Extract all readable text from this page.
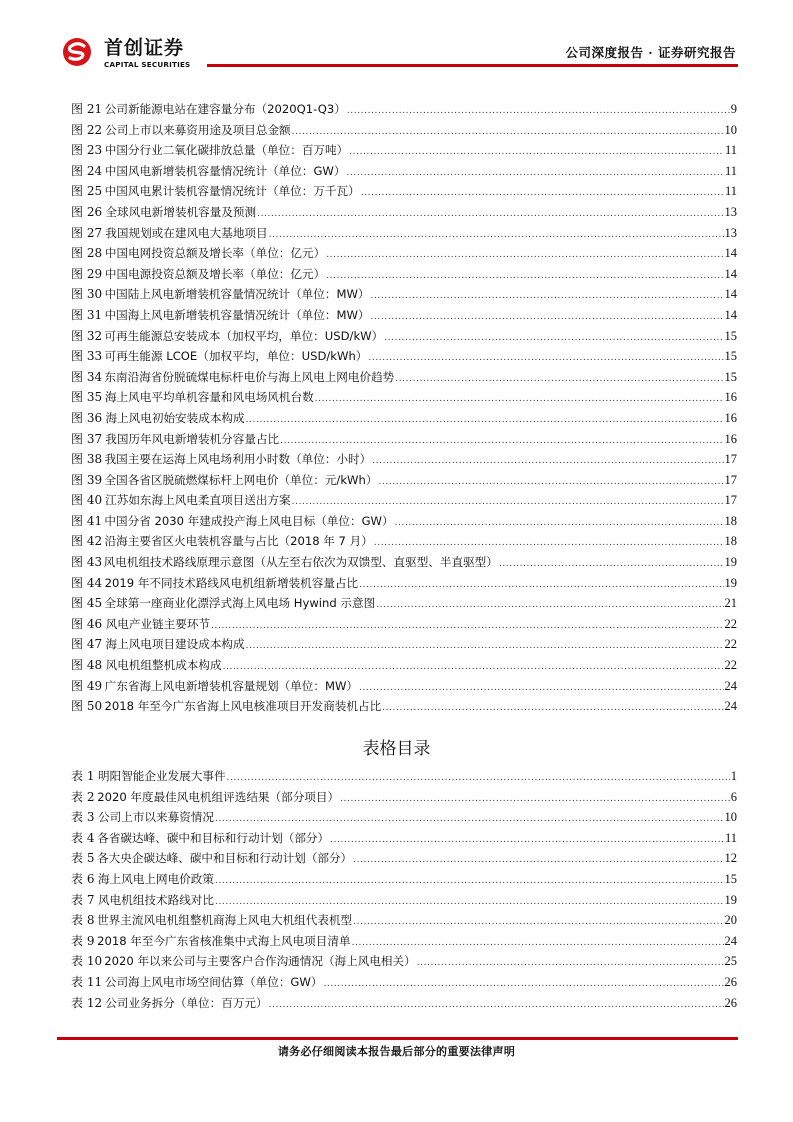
首创证券
CAPITAL SECURITIES
公司深度报告 · 证券研究报告
图 21 公司新能源电站在建容量分布（2020Q1-Q3） .....	9
图 22 公司上市以来募资用途及项目总金额 .....	10
图 23 中国分行业二氧化碳排放总量（单位：百万吨） .....	11
图 24 中国风电新增装机容量情况统计（单位：GW） .....	11
图 25 中国风电累计装机容量情况统计（单位：万千瓦） .....	11
图 26 全球风电新增装机容量及预测 .....	13
图 27 我国规划或在建风电大基地项目 .....	13
图 28 中国电网投资总额及增长率（单位：亿元） .....	14
图 29 中国电源投资总额及增长率（单位：亿元） .....	14
图 30 中国陆上风电新增装机容量情况统计（单位：MW） .....	14
图 31 中国海上风电新增装机容量情况统计（单位：MW） .....	14
图 32 可再生能源总安装成本（加权平均，单位：USD/kW） .....	15
图 33 可再生能源 LCOE（加权平均，单位：USD/kWh） .....	15
图 34 东南沿海省份脱硫煤电标杆电价与海上风电上网电价趋势 .....	15
图 35 海上风电平均单机容量和风电场风机台数 .....	16
图 36 海上风电初始安装成本构成 .....	16
图 37 我国历年风电新增装机分容量占比 .....	16
图 38 我国主要在运海上风电场利用小时数（单位：小时） .....	17
图 39 全国各省区脱硫燃煤标杆上网电价（单位：元/kWh） .....	17
图 40 江苏如东海上风电柔直项目送出方案 .....	17
图 41 中国分省 2030 年建成投产海上风电目标（单位：GW） .....	18
图 42 沿海主要省区火电装机容量与占比（2018 年 7 月） .....	18
图 43 风电机组技术路线原理示意图（从左至右依次为双馈型、直驱型、半直驱型） .....	19
图 44 2019 年不同技术路线风电机组新增装机容量占比 .....	19
图 45 全球第一座商业化漂浮式海上风电场 Hywind 示意图 .....	21
图 46 风电产业链主要环节 .....	22
图 47 海上风电项目建设成本构成 .....	22
图 48 风电机组整机成本构成 .....	22
图 49 广东省海上风电新增装机容量规划（单位：MW） .....	24
图 50 2018 年至今广东省海上风电核准项目开发商装机占比 .....	24
表格目录
表 1 明阳智能企业发展大事件 .....	1
表 2 2020 年度最佳风电机组评选结果（部分项目） .....	6
表 3 公司上市以来募资情况 .....	10
表 4 各省碳达峰、碳中和目标和行动计划（部分） .....	11
表 5 各大央企碳达峰、碳中和目标和行动计划（部分） .....	12
表 6 海上风电上网电价政策 .....	15
表 7 风电机组技术路线对比 .....	19
表 8 世界主流风电机组整机商海上风电大机组代表机型 .....	20
表 9 2018 年至今广东省核准集中式海上风电项目清单 .....	24
表 10 2020 年以来公司与主要客户合作沟通情况（海上风电相关） .....	25
表 11 公司海上风电市场空间估算（单位：GW） .....	26
表 12 公司业务拆分（单位：百万元） .....	26
请务必仔细阅读本报告最后部分的重要法律声明
